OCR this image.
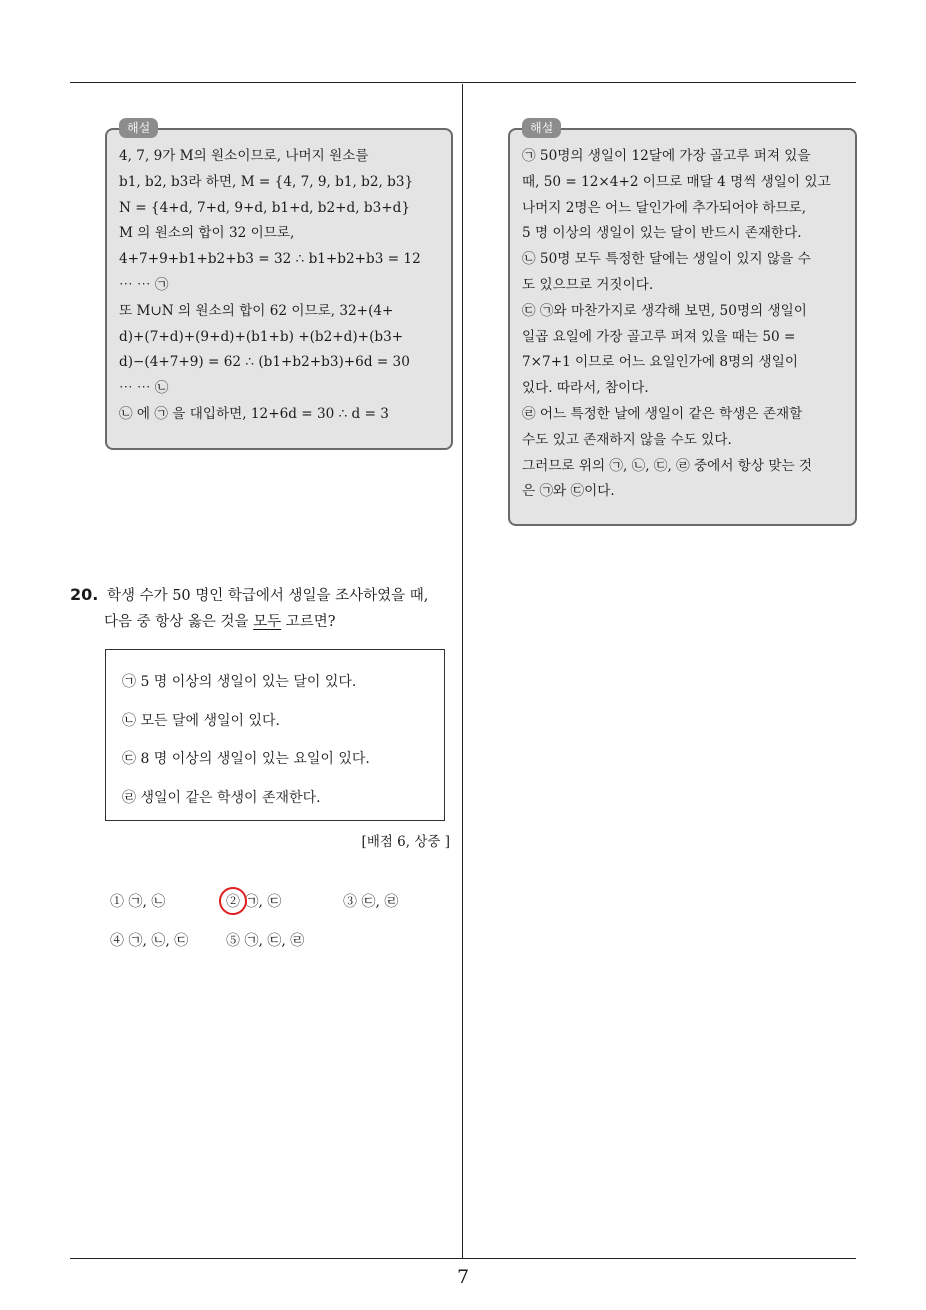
해설
4, 7, 9가 M의 원소이므로, 나머지 원소를
b1, b2, b3라 하면, M = {4, 7, 9, b1, b2, b3}
N = {4+d, 7+d, 9+d, b1+d, b2+d, b3+d}
M 의 원소의 합이 32 이므로,
4+7+9+b1+b2+b3 = 32 ∴ b1+b2+b3 = 12
⋯ ⋯ ㉠
또 M∪N 의 원소의 합이 62 이므로, 32+(4+
d)+(7+d)+(9+d)+(b1+b) +(b2+d)+(b3+
d)−(4+7+9) = 62 ∴ (b1+b2+b3)+6d = 30
⋯ ⋯ ㉡
㉡ 에 ㉠ 을 대입하면, 12+6d = 30 ∴ d = 3
해설
㉠ 50명의 생일이 12달에 가장 골고루 퍼져 있을
때, 50 = 12×4+2 이므로 매달 4 명씩 생일이 있고
나머지 2명은 어느 달인가에 추가되어야 하므로,
5 명 이상의 생일이 있는 달이 반드시 존재한다.
㉡ 50명 모두 특정한 달에는 생일이 있지 않을 수
도 있으므로 거짓이다.
㉢ ㉠와 마찬가지로 생각해 보면, 50명의 생일이
일곱 요일에 가장 골고루 퍼져 있을 때는 50 =
7×7+1 이므로 어느 요일인가에 8명의 생일이
있다. 따라서, 참이다.
㉣ 어느 특정한 날에 생일이 같은 학생은 존재할
수도 있고 존재하지 않을 수도 있다.
그러므로 위의 ㉠, ㉡, ㉢, ㉣ 중에서 항상 맞는 것
은 ㉠와 ㉢이다.
20. 학생 수가 50 명인 학급에서 생일을 조사하였을 때,
다음 중 항상 옳은 것을 모두 고르면?
㉠ 5 명 이상의 생일이 있는 달이 있다.
㉡ 모든 달에 생일이 있다.
㉢ 8 명 이상의 생일이 있는 요일이 있다.
㉣ 생일이 같은 학생이 존재한다.
[배점 6, 상중 ]
① ㉠, ㉡	② ㉠, ㉢	③ ㉢, ㉣
④ ㉠, ㉡, ㉢	⑤ ㉠, ㉢, ㉣
7
